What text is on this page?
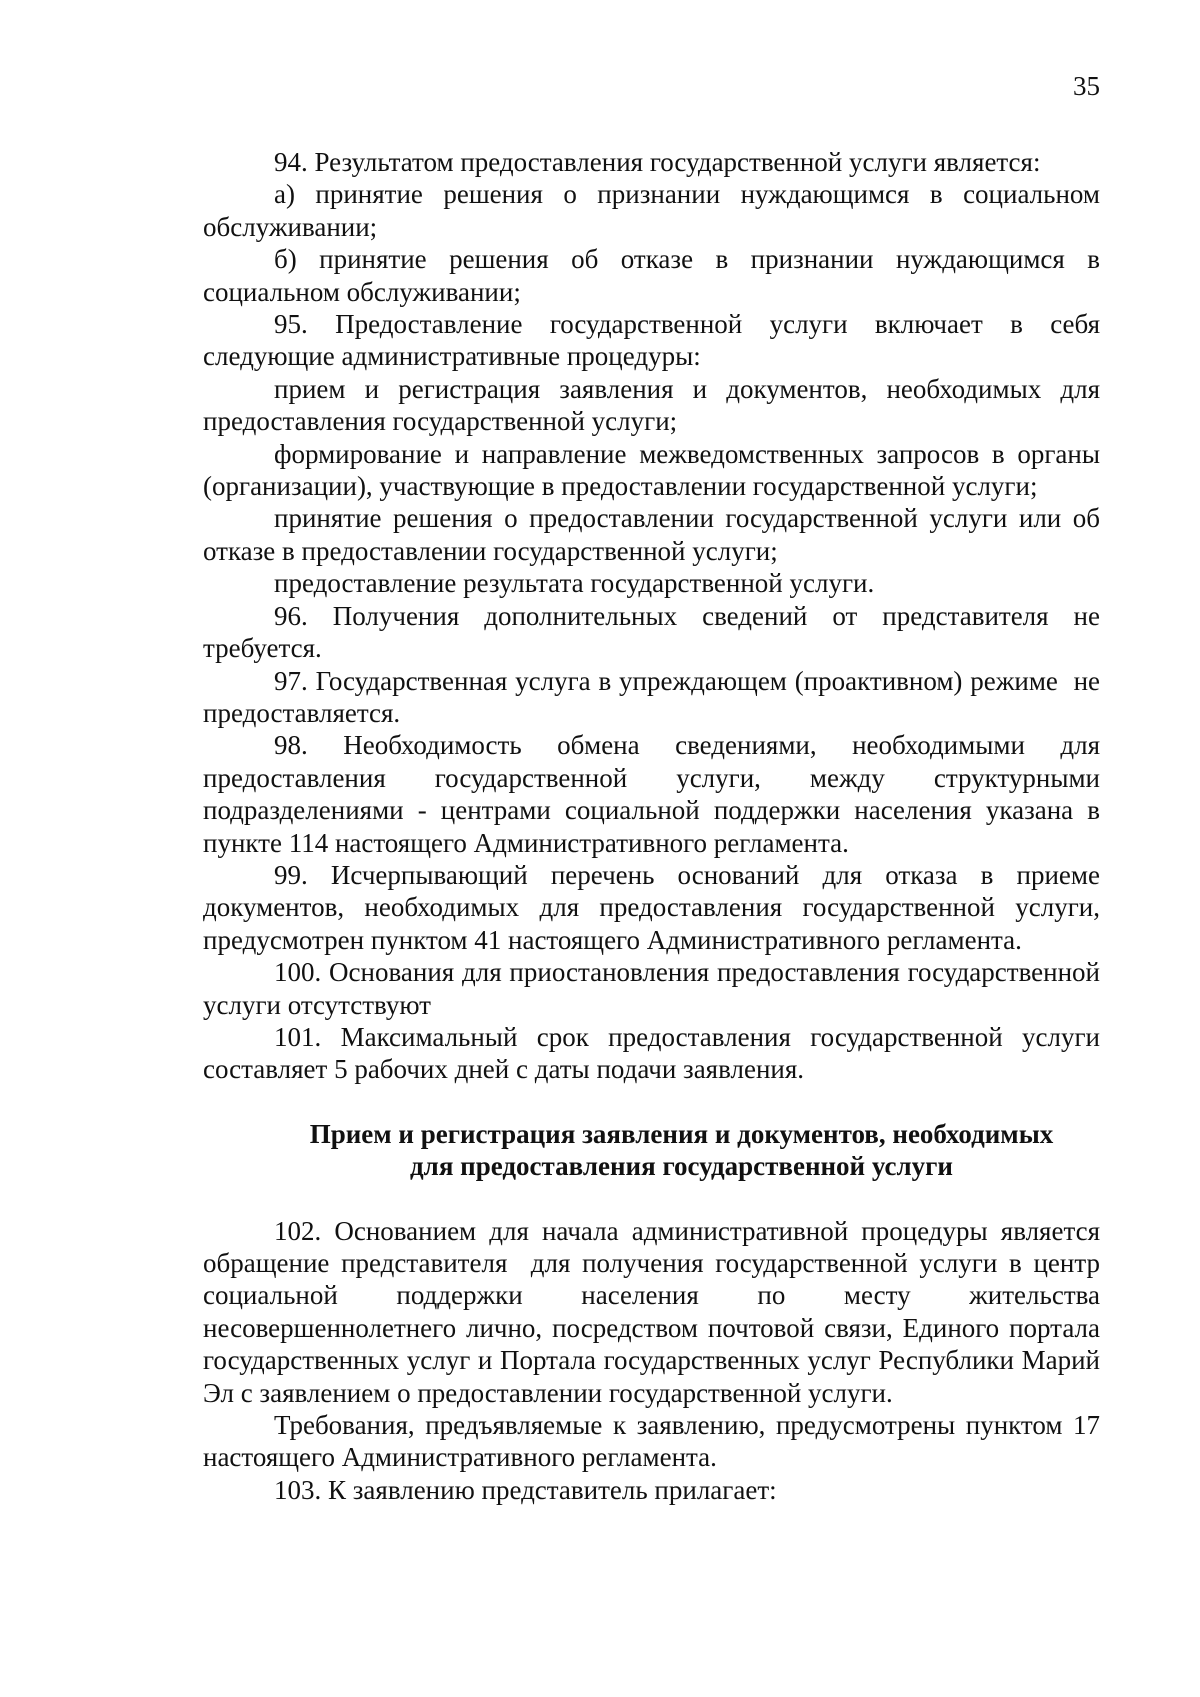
35

94. Результатом предоставления государственной услуги является:

а) принятие решения о признании нуждающимся в социальном обслуживании;

б) принятие решения об отказе в признании нуждающимся в социальном обслуживании;

95. Предоставление государственной услуги включает в себя следующие административные процедуры:

прием и регистрация заявления и документов, необходимых для предоставления государственной услуги;

формирование и направление межведомственных запросов в органы (организации), участвующие в предоставлении государственной услуги;

принятие решения о предоставлении государственной услуги или об отказе в предоставлении государственной услуги;

предоставление результата государственной услуги.

96. Получения дополнительных сведений от представителя не требуется.

97. Государственная услуга в упреждающем (проактивном) режиме  не предоставляется.

98. Необходимость обмена сведениями, необходимыми для предоставления государственной услуги, между структурными подразделениями - центрами социальной поддержки населения указана в пункте 114 настоящего Административного регламента.

99. Исчерпывающий перечень оснований для отказа в приеме документов, необходимых для предоставления государственной услуги, предусмотрен пунктом 41 настоящего Административного регламента.

100. Основания для приостановления предоставления государственной услуги отсутствуют

101. Максимальный срок предоставления государственной услуги составляет 5 рабочих дней с даты подачи заявления.

Прием и регистрация заявления и документов, необходимых
для предоставления государственной услуги

102. Основанием для начала административной процедуры является обращение представителя  для получения государственной услуги в центр социальной поддержки населения по месту жительства несовершеннолетнего лично, посредством почтовой связи, Единого портала государственных услуг и Портала государственных услуг Республики Марий Эл с заявлением о предоставлении государственной услуги.

Требования, предъявляемые к заявлению, предусмотрены пунктом 17 настоящего Административного регламента.

103. К заявлению представитель прилагает:
